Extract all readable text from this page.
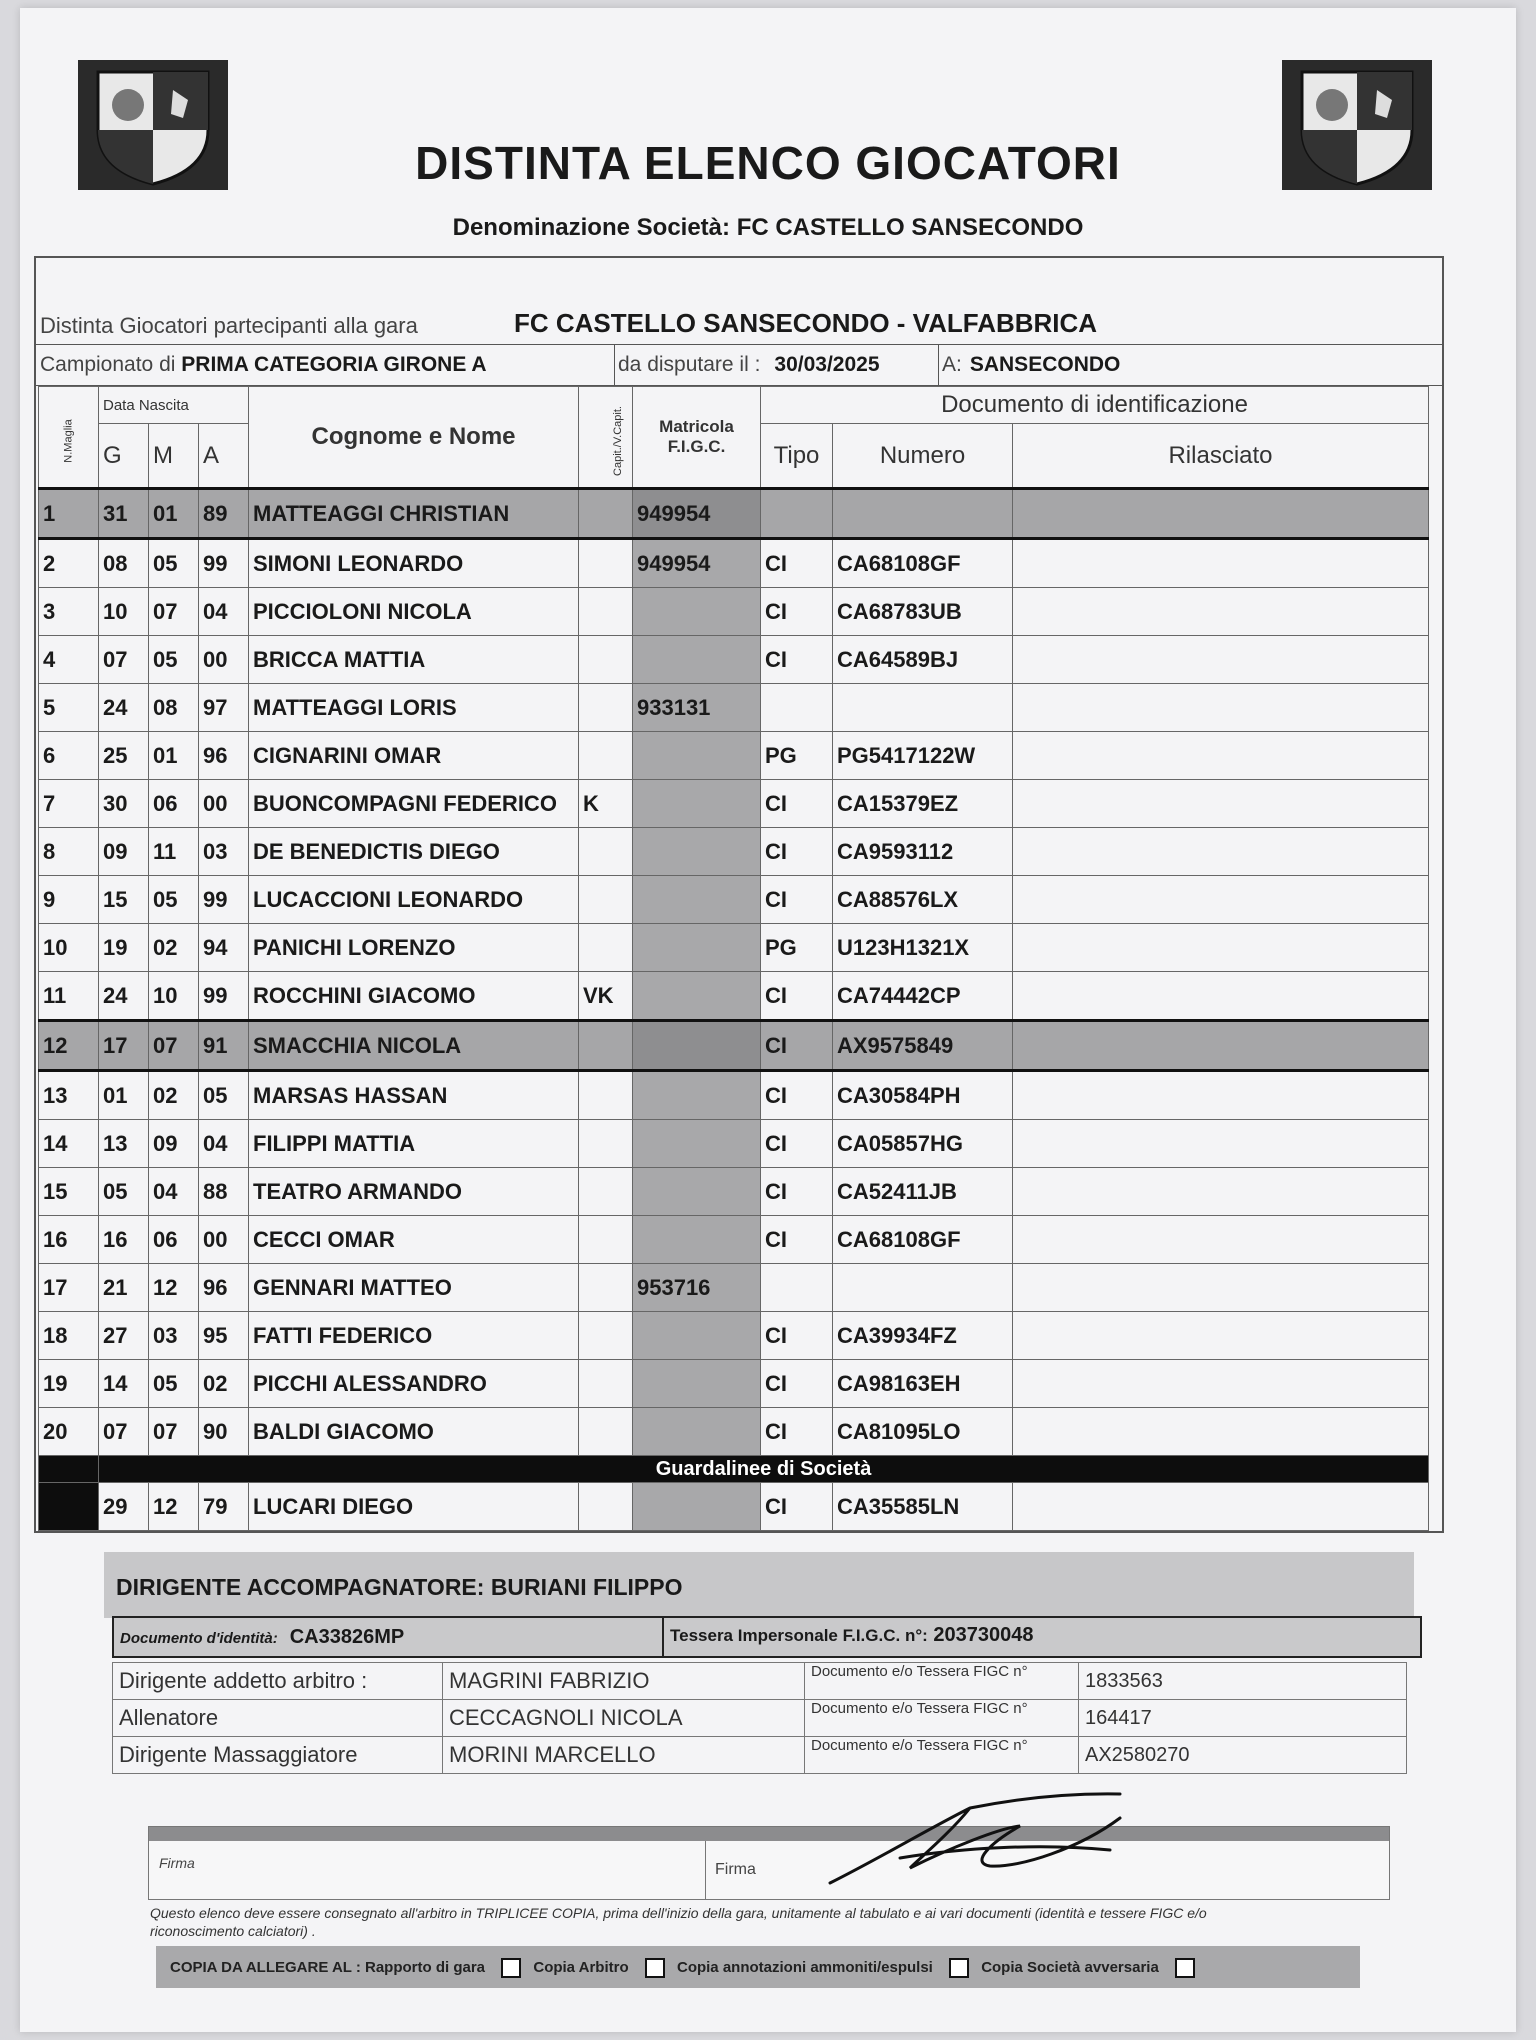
DISTINTA ELENCO GIOCATORI
Denominazione Società: FC CASTELLO SANSECONDO
Distinta Giocatori partecipanti alla gara	FC CASTELLO SANSECONDO - VALFABBRICA
Campionato di PRIMA CATEGORIA GIRONE A	da disputare il : 30/03/2025	A: SANSECONDO
N.Maglia	Data Nascita			Cognome e Nome	Capit./V.Capit.	Matricola F.I.G.C.	Documento di identificazione		
	G	M	A				Tipo	Numero	Rilasciato
1	31	01	89	MATTEAGGI CHRISTIAN		949954			
2	08	05	99	SIMONI LEONARDO		949954	CI	CA68108GF	
3	10	07	04	PICCIOLONI NICOLA			CI	CA68783UB	
4	07	05	00	BRICCA MATTIA			CI	CA64589BJ	
5	24	08	97	MATTEAGGI LORIS		933131			
6	25	01	96	CIGNARINI OMAR			PG	PG5417122W	
7	30	06	00	BUONCOMPAGNI FEDERICO	K		CI	CA15379EZ	
8	09	11	03	DE BENEDICTIS DIEGO			CI	CA9593112	
9	15	05	99	LUCACCIONI LEONARDO			CI	CA88576LX	
10	19	02	94	PANICHI LORENZO			PG	U123H1321X	
11	24	10	99	ROCCHINI GIACOMO	VK		CI	CA74442CP	
12	17	07	91	SMACCHIA NICOLA			CI	AX9575849	
13	01	02	05	MARSAS HASSAN			CI	CA30584PH	
14	13	09	04	FILIPPI MATTIA			CI	CA05857HG	
15	05	04	88	TEATRO ARMANDO			CI	CA52411JB	
16	16	06	00	CECCI OMAR			CI	CA68108GF	
17	21	12	96	GENNARI MATTEO		953716			
18	27	03	95	FATTI FEDERICO			CI	CA39934FZ	
19	14	05	02	PICCHI ALESSANDRO			CI	CA98163EH	
20	07	07	90	BALDI GIACOMO			CI	CA81095LO	
	Guardalinee di Società								
	29	12	79	LUCARI DIEGO			CI	CA35585LN	
DIRIGENTE ACCOMPAGNATORE: BURIANI FILIPPO
Documento d'identità: CA33826MP	Tessera Impersonale F.I.G.C. n°: 203730048
Dirigente addetto arbitro :	MAGRINI FABRIZIO	Documento e/o Tessera FIGC n°	1833563
Allenatore	CECCAGNOLI NICOLA	Documento e/o Tessera FIGC n°	164417
Dirigente Massaggiatore	MORINI MARCELLO	Documento e/o Tessera FIGC n°	AX2580270
Firma	Firma
Questo elenco deve essere consegnato all'arbitro in TRIPLICEE COPIA, prima dell'inizio della gara, unitamente al tabulato e ai vari documenti (identità e tessere FIGC e/o riconoscimento calciatori) .
COPIA DA ALLEGARE AL : Rapporto di gara	Copia Arbitro	Copia annotazioni ammoniti/espulsi	Copia Società avversaria
